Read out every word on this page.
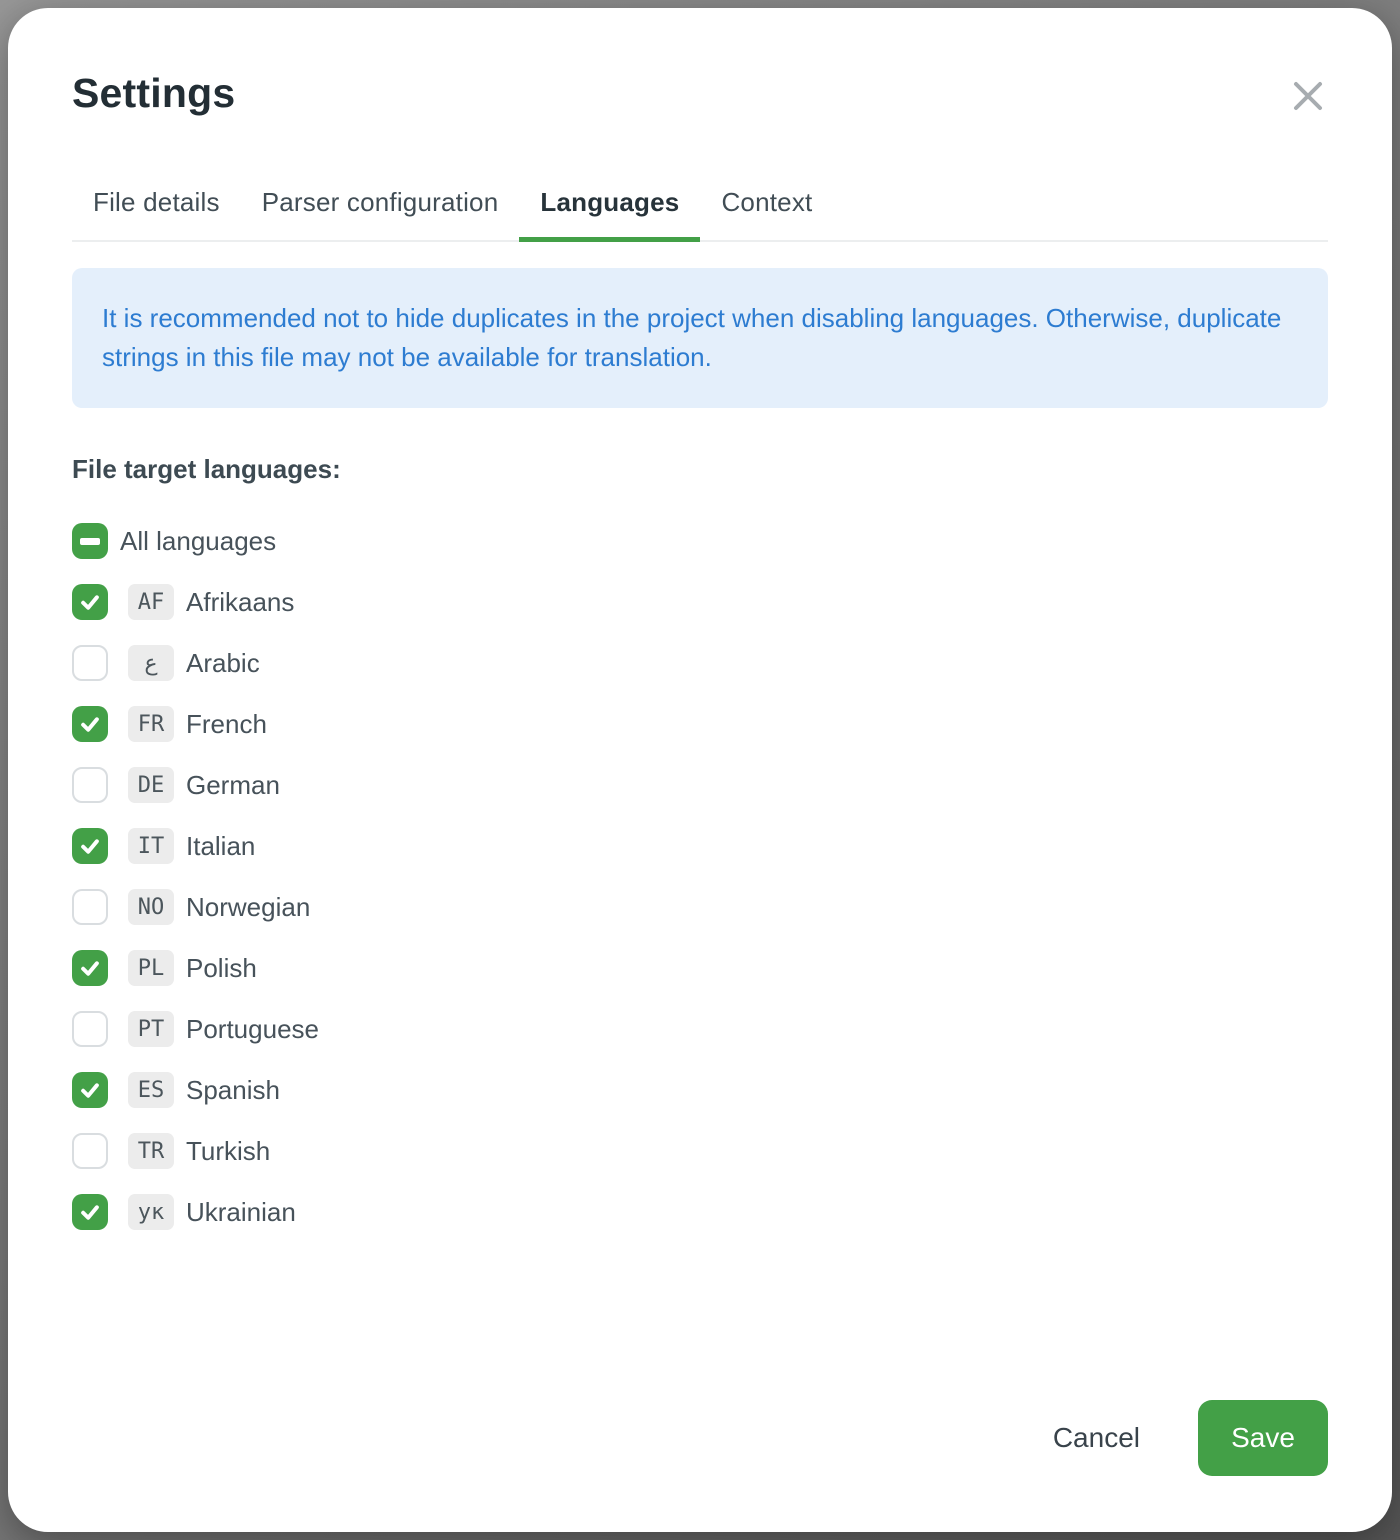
Settings
File details	Parser configuration	Languages	Context
It is recommended not to hide duplicates in the project when disabling languages. Otherwise, duplicate strings in this file may not be available for translation.
File target languages:
All languages
AF Afrikaans
ع	Arabic
FR French
DE German
IT Italian
NO Norwegian
PL Polish
PT Portuguese
ES Spanish
TR Turkish
ук Ukrainian
Cancel	Save
